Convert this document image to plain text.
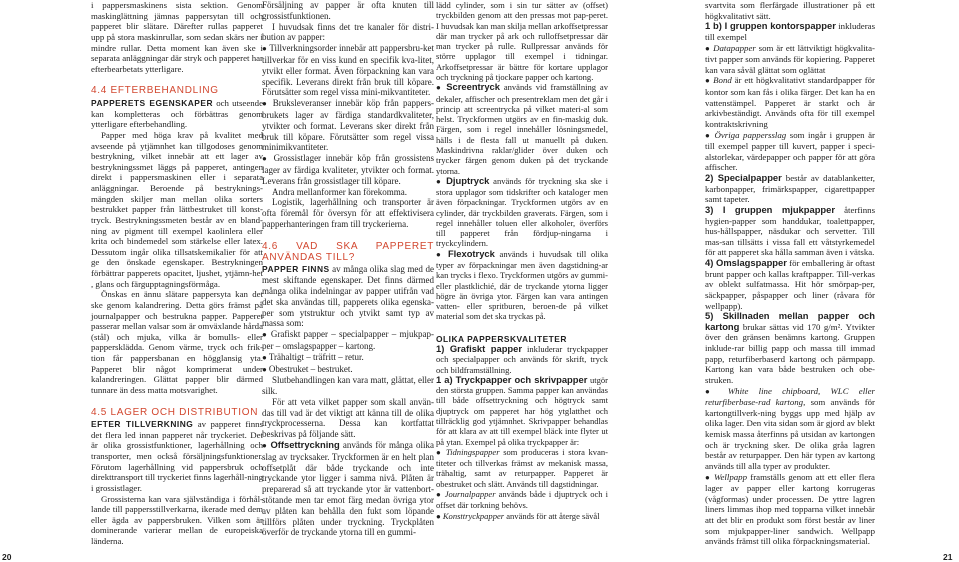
i pappersmaskinens sista sektion. Genom maskinglättning jämnas pappersytan till och papperet blir slätare. Därefter rullas papperet upp på stora maskinrullar, som sedan skärs ner i mindre rullar. Detta moment kan även ske i separata anläggningar där stryk och papperet har efterbearbetats ytterligare.

4.4 EFTERBEHANDLING

PAPPERETS EGENSKAPER och utseende kan kompletteras och förbättras genom ytterligare efterbehandling.

Papper med höga krav på kvalitet med avseende på ytjämnhet kan tillgodoses genom bestrykning, vilket innebär att ett lager av bestrykningssmet läggs på papperet, antingen direkt i pappersmaskinen eller i separata anläggningar. Beroende på bestryknings-mängden skiljer man mellan olika sorters bestrukket papper från lättbestruket till konst-tryck. Bestrykningssmeten består av en bland-ning av pigment till exempel kaolinlera eller krita och bindemedel som stärkelse eller latex. Dessutom ingår olika tillsatskemikalier för att ge den önskade egenskaper. Bestrykningen förbättrar papperets opacitet, ljushet, ytjämn-het , glans och färgupptagningsförmåga.

Önskas en ännu slätare pappersyta kan det ske genom kalandrering. Detta görs främst på journalpapper och bestrukna papper. Papperet passerar mellan valsar som är omväxlande hårda (stål) och mjuka, vilka är bomulls- eller papperskläddа. Genom värme, tryck och frik-tion får pappersbanan en högglansig yta. Papperet blir något komprimerat under kalandreringen. Glättat papper blir därmed tunnare än dess matta motsvarighet.

4.5 LAGER OCH DISTRIBUTION

EFTER TILLVERKNING av papperet finns det flera led innan papperet når tryckeriet. Det är olika grossistfunktioner, lagerhållning och transporter, men också försäljningsfunktioner. Förutom lagerhållning vid pappersbruk och direkttransport till tryckeriet finns lagerhåll-ning i grossistlager.

Grossisterna kan vara självständiga i förhål-lande till pappersstillverkarna, ikerade med dem eller ägda av pappersbruken. Vilken som är dominerande varierar mellan de europeiska länderna.

Försäljning av papper är ofta knuten till grossistfunktionen.

I huvudsak finns det tre kanaler för distri-bution av papper:

● Tillverkningsorder innebär att pappersbru-ket tillverkar för en viss kund en specifik kva-litet, ytvikt eller format. Även förpackning kan vara specifik. Leverans direkt från bruk till köpare. Förutsätter som regel vissa mini-mikvantiteter.

● Bruksleveranser innebär köp från pappers-brukets lager av färdiga standardkvaliteter, ytvikter och format. Leverans sker direkt från bruk till köpare. Förutsätter som regel vissa minimikvantiteter.

● Grossistlager innebär köp från grossistens lager av färdiga kvaliteter, ytvikter och format. Leverans från grossistlager till köpare.

Andra mellanformer kan förekomma.

Logistik, lagerhållning och transporter är ofta föremål för översyn för att effektivisera papperhanteringen fram till tryckerierna.

4.6 VAD SKA PAPPERET ANVÄNDAS TILL?

PAPPER FINNS av många olika slag med de mest skiftande egenskaper. Det finns därmed många olika indelningar av papper utifrån vad det ska användas till, papperets olika egenska-per som ytstruktur och ytvikt samt typ av massa som:

● Grafiskt papper – specialpapper – mjukpap-per – omslagspapper – kartong.

● Trähaltigt – träfritt – retur.

● Obestruket – bestruket.

Slutbehandlingen kan vara matt, glättat, eller silk.

För att veta vilket papper som skall använ-das till vad är det viktigt att känna till de olika tryckprocesserna. Dessa kan kortfattat beskrivas på följande sätt.

● Offsettryckning används för många olika slag av trycksaker. Tryckformen är en helt plan offsetplåt där både tryckande och inte tryckande ytor ligger i samma nivå. Plåten är preparerad så att tryckande ytor är vattenbort-stötande men tar emot färg medan övriga ytor av plåten kan behålla den fukt som löpande tillförs plåten under tryckning. Tryckplåten överför de tryckande ytorna till en gummi-

lädd cylinder, som i sin tur sätter av (offset) tryckbilden genom att den pressas mot pap-peret. I huvudsak kan man skilja mellan arkoffsetpressar där man trycker på ark och rulloffsetpressar där man trycker på rulle. Rullpressar används för större upplagor till exempel i tidningar. Arkoffsetpressar är bättre för kortare upplagor och tryckning på tjockare papper och kartong.

● Screentryck används vid framställning av dekaler, affischer och presentreklam men det går i princip att screentrycka på vilket materi-al som helst. Tryckformen utgörs av en fin-maskig duk. Färgen, som i regel innehåller lösningsmedel, hälls i de flesta fall ut manuellt på duken. Maskindrivna raklar/glider över duken och trycker färgen genom duken på det tryckande ytorna.

● Djuptryck används för tryckning ska ske i stora upplagor som tidskrifter och kataloger men även förpackningar. Tryckformen utgörs av en cylinder, där tryckbilden graverats. Färgen, som i regel innehåller toluen eller alkoholer, överförs till papperet från fördjup-ningarna i tryckcylindern.

● Flexotryck används i huvudsak till olika typer av förpackningar men även dagstidning-ar kan trycks i flexo. Tryckformen utgörs av gummi- eller plastklichié, där de tryckande ytorna ligger högre än övriga ytor. Färgen kan vara antingen vatten- eller spritburen, beroen-de på vilket material som det ska tryckas på.

OLIKA PAPPERSKVALITETER

1) Grafiskt papper inkluderar tryckpapper och specialpapper och används för skrift, tryck och bildframställning.

1 a) Tryckpapper och skrivpapper utgör den största gruppen. Samma papper kan användas till både offsettryckning och högtryck samt djuptryck om papperet har hög ytglatthet och tillräcklig god ytjämnhet. Skrivpapper behandlas för att klara av att till exempel bläck inte flyter ut på ytan. Exempel på olika tryckpapper är:

● Tidningspapper som produceras i stora kvan-titeter och tillverkas främst av mekanisk massa, trähaltig, samt av returpapper. Papperet är obestruket och slätt. Används till dagstidningar.

● Journalpapper används både i djuptryck och i offset där torkning behövs.

● Konsttryckpapper används för att återge sävål

svartvita som flerfärgade illustrationer på ett högkvalitativt sätt.

1 b) I gruppen kontorspapper inkluderas till exempel

● Datapapper som är ett lättviktigt högkvalita-tivt papper som används för kopiering. Papperet kan vara såväl glättat som oglättat

● Bond är ett högkvalitativt standardpapper för kontor som kan fås i olika färger. Det kan ha en vattenstämpel. Papperet är starkt och är arkivbeständigt. Används ofta för till exempel kontraktskrivning

● Övriga pappersslag som ingår i gruppen är till exempel papper till kuvert, papper i speci-alstorlekar, värdepapper och papper för att göra affischer.

2) Specialpapper består av datablanketter, karbonpapper, frimärkspapper, cigarettpapper samt tapeter.

3) I gruppen mjukpapper återfinns hygien-papper som handdukar, toalettpapper, hus-hållspapper, näsdukar och servetter. Till mas-san tillsätts i vissa fall ett våtstyrkemedel för att papperet ska hålla samman även i vätska.

4) Omslagspapper för emballering är oftast brunt papper och kallas kraftpapper. Till-verkas av oblekt sulfatmassa. Hit hör smörpap-per, säckpapper, påspapper och liner (råvara för wellpapp).

5) Skillnaden mellan papper och kartong brukar sättas vid 170 g/m². Ytvikter över den gränsen benämns kartong. Gruppen inklude-rar billig papp och massa till immad papp, returfiberbaserd kartong och pärmpapp. Kartong kan vara både bestruken och obe-struken.

● White line chipboard, WLC eller returfiberbase-rad kartong, som används för kartongtillverk-ning byggs upp med hjälp av olika lager. Den vita sidan som är gjord av blekt kemisk massa återfinns på utsidan av kartongen och är tryckning sker. De olika gråa lagren består av returpapper. Den här typen av kartong används till alla typer av produkter.

● Wellpapp framställs genom att ett eller flera lager av papper eller kartong korrugeras (vågformas) under processen. De yttre lagren liners limmas ihop med topparna vilket innebär att det blir en produkt som först består av liner som mjukpapper-liner sandwich. Wellpapp används främst till olika förpackningsmaterial.

20	21
